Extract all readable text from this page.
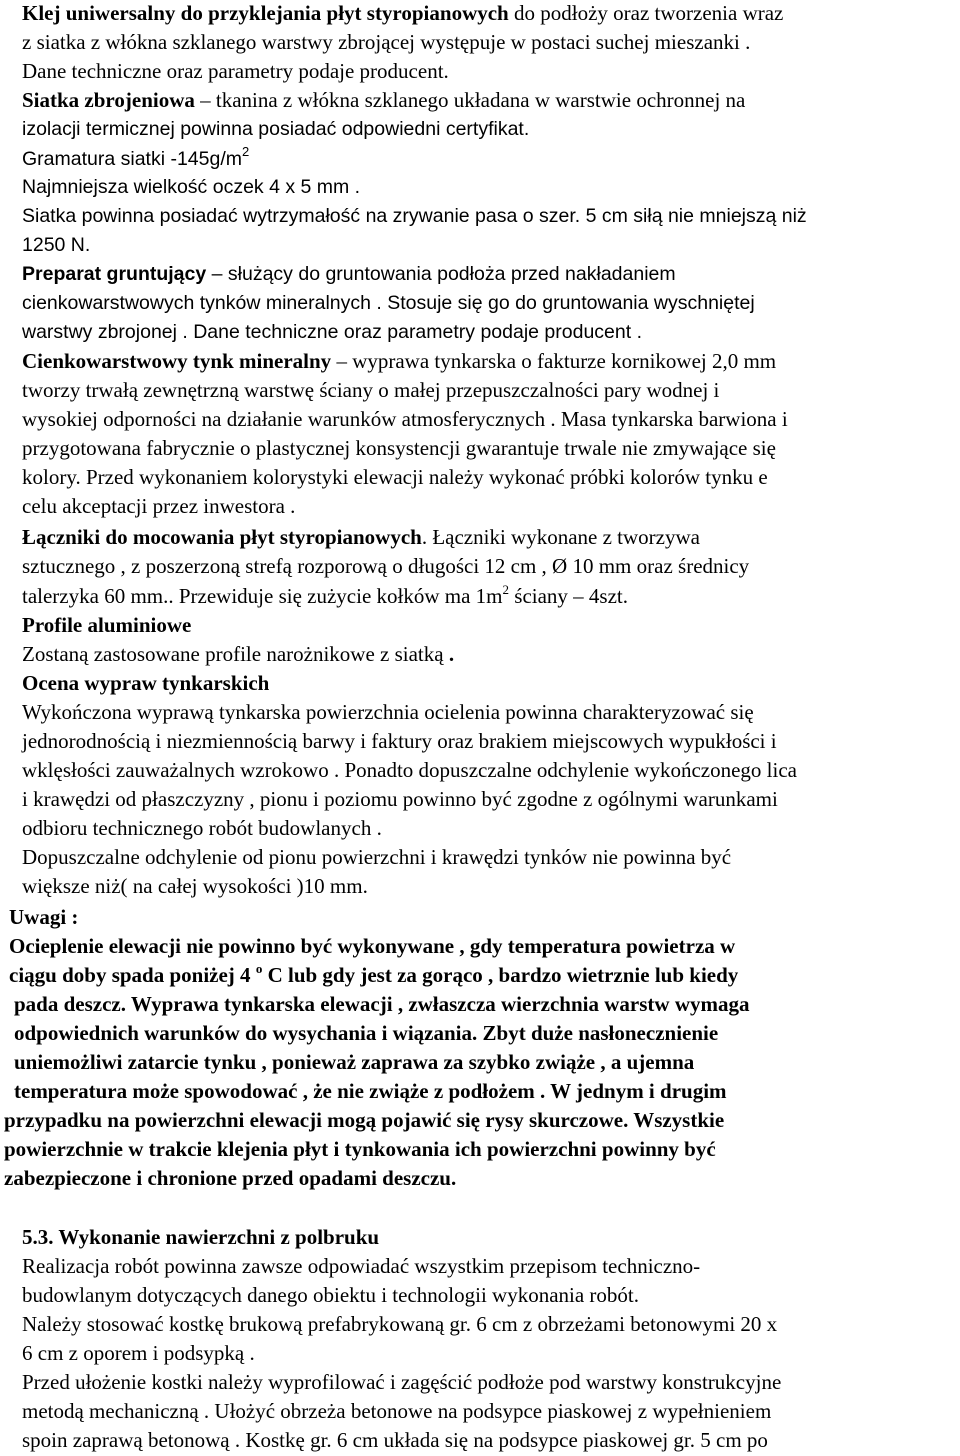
Klej uniwersalny do przyklejania płyt styropianowych do podłoży oraz tworzenia wraz
z siatka z włókna szklanego warstwy zbrojącej występuje w postaci suchej mieszanki .
Dane techniczne oraz parametry podaje producent.
Siatka zbrojeniowa – tkanina z włókna szklanego układana w warstwie ochronnej na
izolacji termicznej powinna posiadać odpowiedni certyfikat.
Gramatura siatki $-145g/m^2$
Najmniejsza wielkość oczek 4 x 5 mm .
Siatka powinna posiadać wytrzymałość na zrywanie pasa o szer. 5 cm siłą nie mniejszą niż
1250 N.
Preparat gruntujący – służący do gruntowania podłoża przed nakładaniem
cienkowarstwowych tynków mineralnych . Stosuje się go do gruntowania wyschniętej
warstwy zbrojonej . Dane techniczne oraz parametry podaje producent .
Cienkowarstwowy tynk mineralny – wyprawa tynkarska o fakturze kornikowej 2,0 mm
tworzy trwałą zewnętrzną warstwę ściany o małej przepuszczalności pary wodnej i
wysokiej odporności na działanie warunków atmosferycznych . Masa tynkarska barwiona i
przygotowana fabrycznie o plastycznej konsystencji gwarantuje trwale nie zmywające się
kolory. Przed wykonaniem kolorystyki elewacji należy wykonać próbki kolorów tynku e
celu akceptacji przez inwestora .
Łączniki do mocowania płyt styropianowych. Łączniki wykonane z tworzywa
sztucznego , z poszerzoną strefą rozporową o długości 12 cm , Ø 10 mm oraz średnicy
talerzyka 60 mm.. Przewiduje się zużycie kołków ma $1m^2$ ściany – 4szt.
Profile aluminiowe
Zostaną zastosowane profile narożnikowe z siatką .
Ocena wypraw tynkarskich
Wykończona wyprawą tynkarska powierzchnia ocielenia powinna charakteryzować się
jednorodnością i niezmiennością barwy i faktury oraz brakiem miejscowych wypukłości i
wklęsłości zauważalnych wzrokowo . Ponadto dopuszczalne odchylenie wykończonego lica
i krawędzi od płaszczyzny , pionu i poziomu powinno być zgodne z ogólnymi warunkami
odbioru technicznego robót budowlanych .
Dopuszczalne odchylenie od pionu powierzchni i krawędzi tynków nie powinna być
większe niż( na całej wysokości )10 mm.
Uwagi :
Ocieplenie elewacji nie powinno być wykonywane , gdy temperatura powietrza w
ciągu doby spada poniżej 4 $^o$ C lub gdy jest za gorąco , bardzo wietrznie lub kiedy
pada deszcz. Wyprawa tynkarska elewacji , zwłaszcza wierzchnia warstw wymaga
odpowiednich warunków do wysychania i wiązania. Zbyt duże nasłonecznienie
uniemożliwi zatarcie tynku , ponieważ zaprawa za szybko zwiąże , a ujemna
temperatura może spowodować , że nie zwiąże z podłożem . W jednym i drugim
przypadku na powierzchni elewacji mogą pojawić się rysy skurczowe. Wszystkie
powierzchnie w trakcie klejenia płyt i tynkowania ich powierzchni powinny być
zabezpieczone i chronione przed opadami deszczu.
5.3. Wykonanie nawierzchni z polbruku
Realizacja robót powinna zawsze odpowiadać wszystkim przepisom techniczno-
budowlanym dotyczących danego obiektu i technologii wykonania robót.
Należy stosować kostkę brukową prefabrykowaną gr. 6 cm z obrzeżami betonowymi 20 x
6 cm z oporem i podsypką .
Przed ułożenie kostki należy wyprofilować i zagęścić podłoże pod warstwy konstrukcyjne
metodą mechaniczną . Ułożyć obrzeża betonowe na podsypce piaskowej z wypełnieniem
spoin zaprawą betonową . Kostkę gr. 6 cm układa się na podsypce piaskowej gr. 5 cm po
